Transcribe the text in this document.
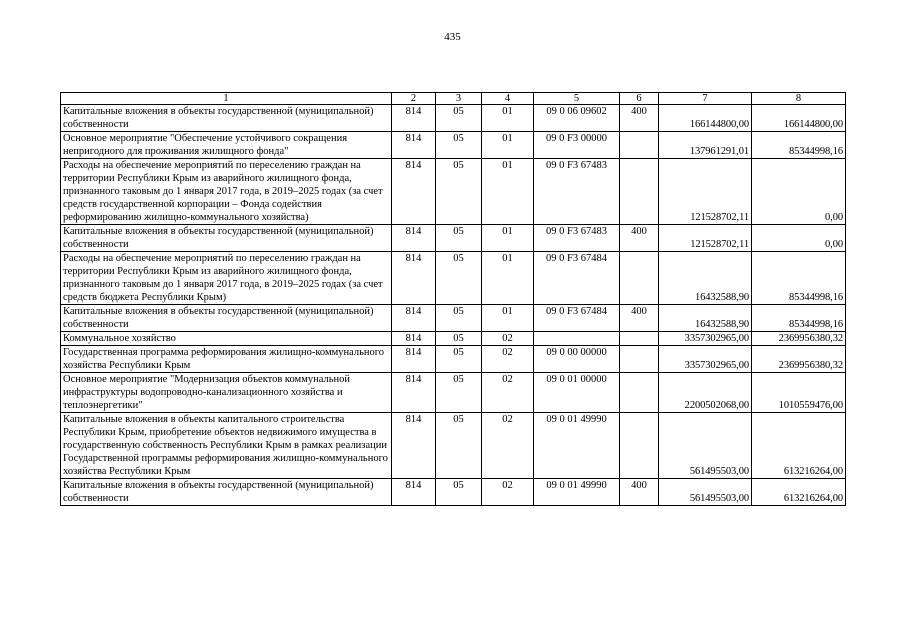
435
1	2	3	4	5	6	7	8
Капитальные вложения в объекты государственной (муниципальной) собственности	814	05	01	09 0 06 09602	400	166144800,00	166144800,00
Основное мероприятие "Обеспечение устойчивого сокращения непригодного для проживания жилищного фонда"	814	05	01	09 0 F3 00000		137961291,01	85344998,16
Расходы на обеспечение мероприятий по переселению граждан на территории Республики Крым из аварийного жилищного фонда, признанного таковым до 1 января 2017 года, в 2019–2025 годах (за счет средств государственной корпорации – Фонда содействия реформированию жилищно-коммунального хозяйства)	814	05	01	09 0 F3 67483		121528702,11	0,00
Капитальные вложения в объекты государственной (муниципальной) собственности	814	05	01	09 0 F3 67483	400	121528702,11	0,00
Расходы на обеспечение мероприятий по переселению граждан на территории Республики Крым из аварийного жилищного фонда, признанного таковым до 1 января 2017 года, в 2019–2025 годах (за счет средств бюджета Республики Крым)	814	05	01	09 0 F3 67484		16432588,90	85344998,16
Капитальные вложения в объекты государственной (муниципальной) собственности	814	05	01	09 0 F3 67484	400	16432588,90	85344998,16
Коммунальное хозяйство	814	05	02			3357302965,00	2369956380,32
Государственная программа реформирования жилищно-коммунального хозяйства Республики Крым	814	05	02	09 0 00 00000		3357302965,00	2369956380,32
Основное мероприятие "Модернизация объектов коммунальной инфраструктуры водопроводно-канализационного хозяйства и теплоэнергетики"	814	05	02	09 0 01 00000		2200502068,00	1010559476,00
Капитальные вложения в объекты капитального строительства Республики Крым, приобретение объектов недвижимого имущества в государственную собственность Республики Крым в рамках реализации Государственной программы реформирования жилищно-коммунального хозяйства Республики Крым	814	05	02	09 0 01 49990		561495503,00	613216264,00
Капитальные вложения в объекты государственной (муниципальной) собственности	814	05	02	09 0 01 49990	400	561495503,00	613216264,00
